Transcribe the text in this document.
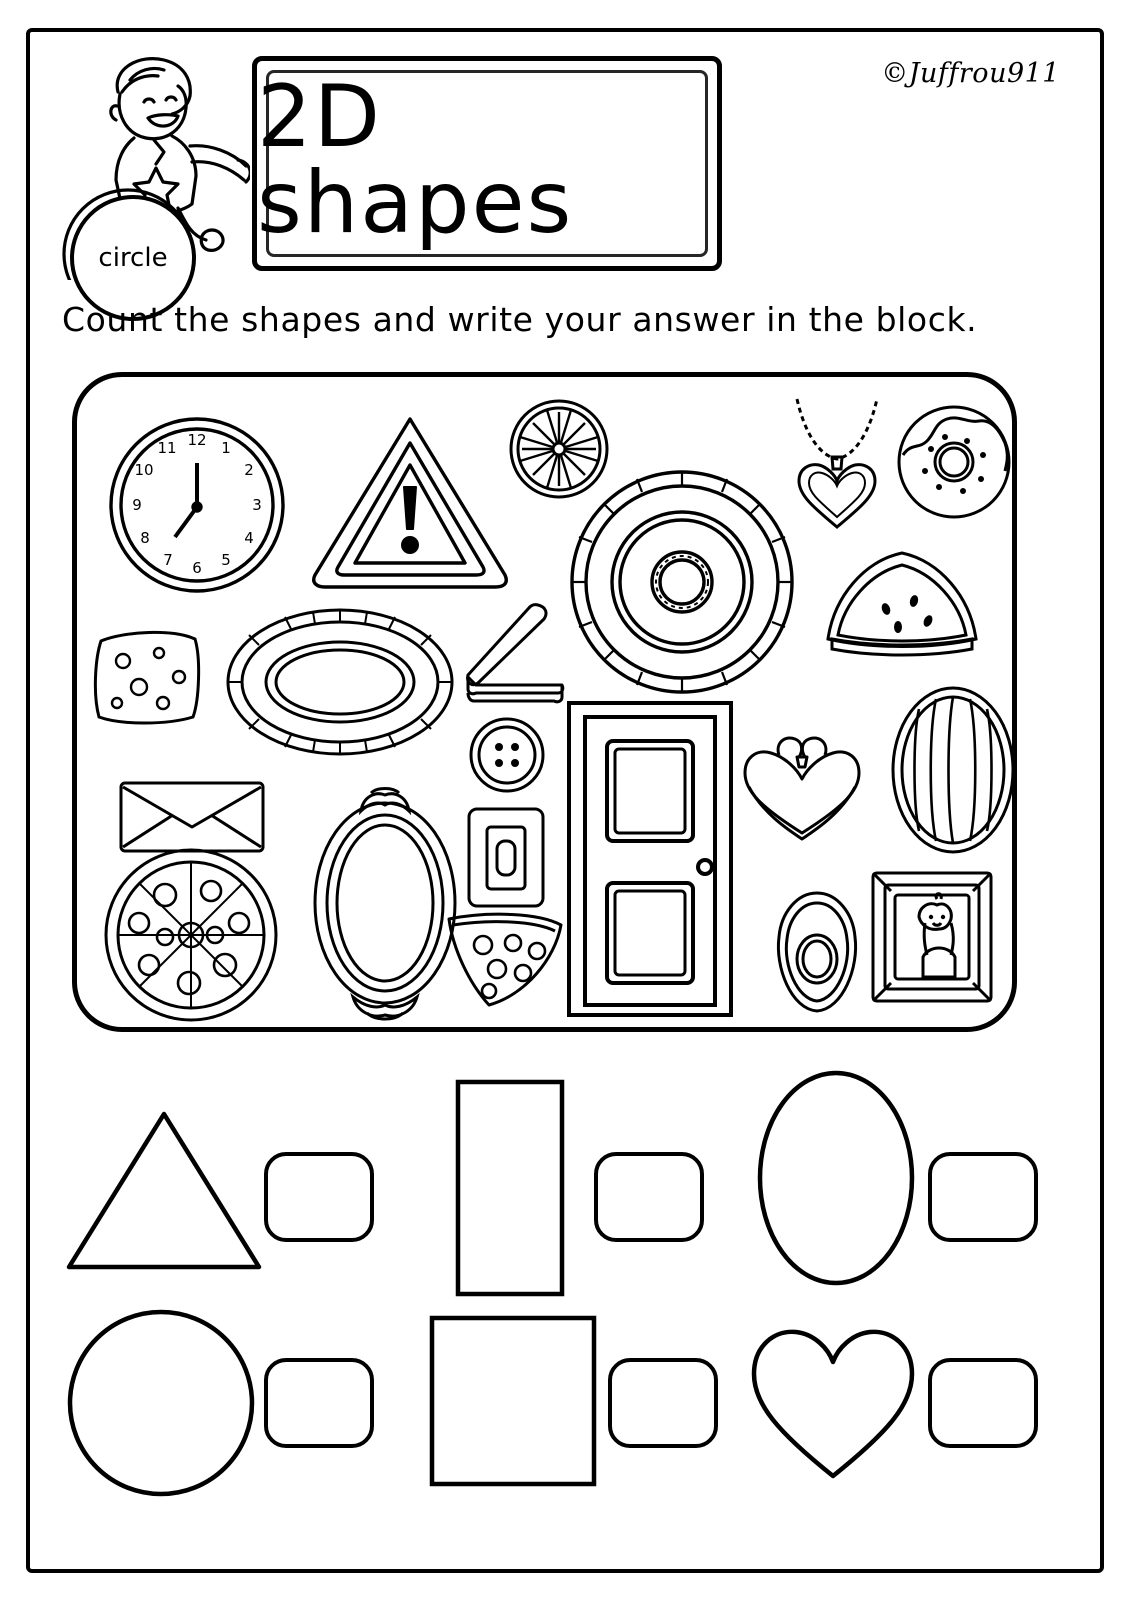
©Juffrou911
circle
2D shapes
Count the shapes and write your answer in the block.
12 1
2
3
4
5
6
7
8
9
10
11
